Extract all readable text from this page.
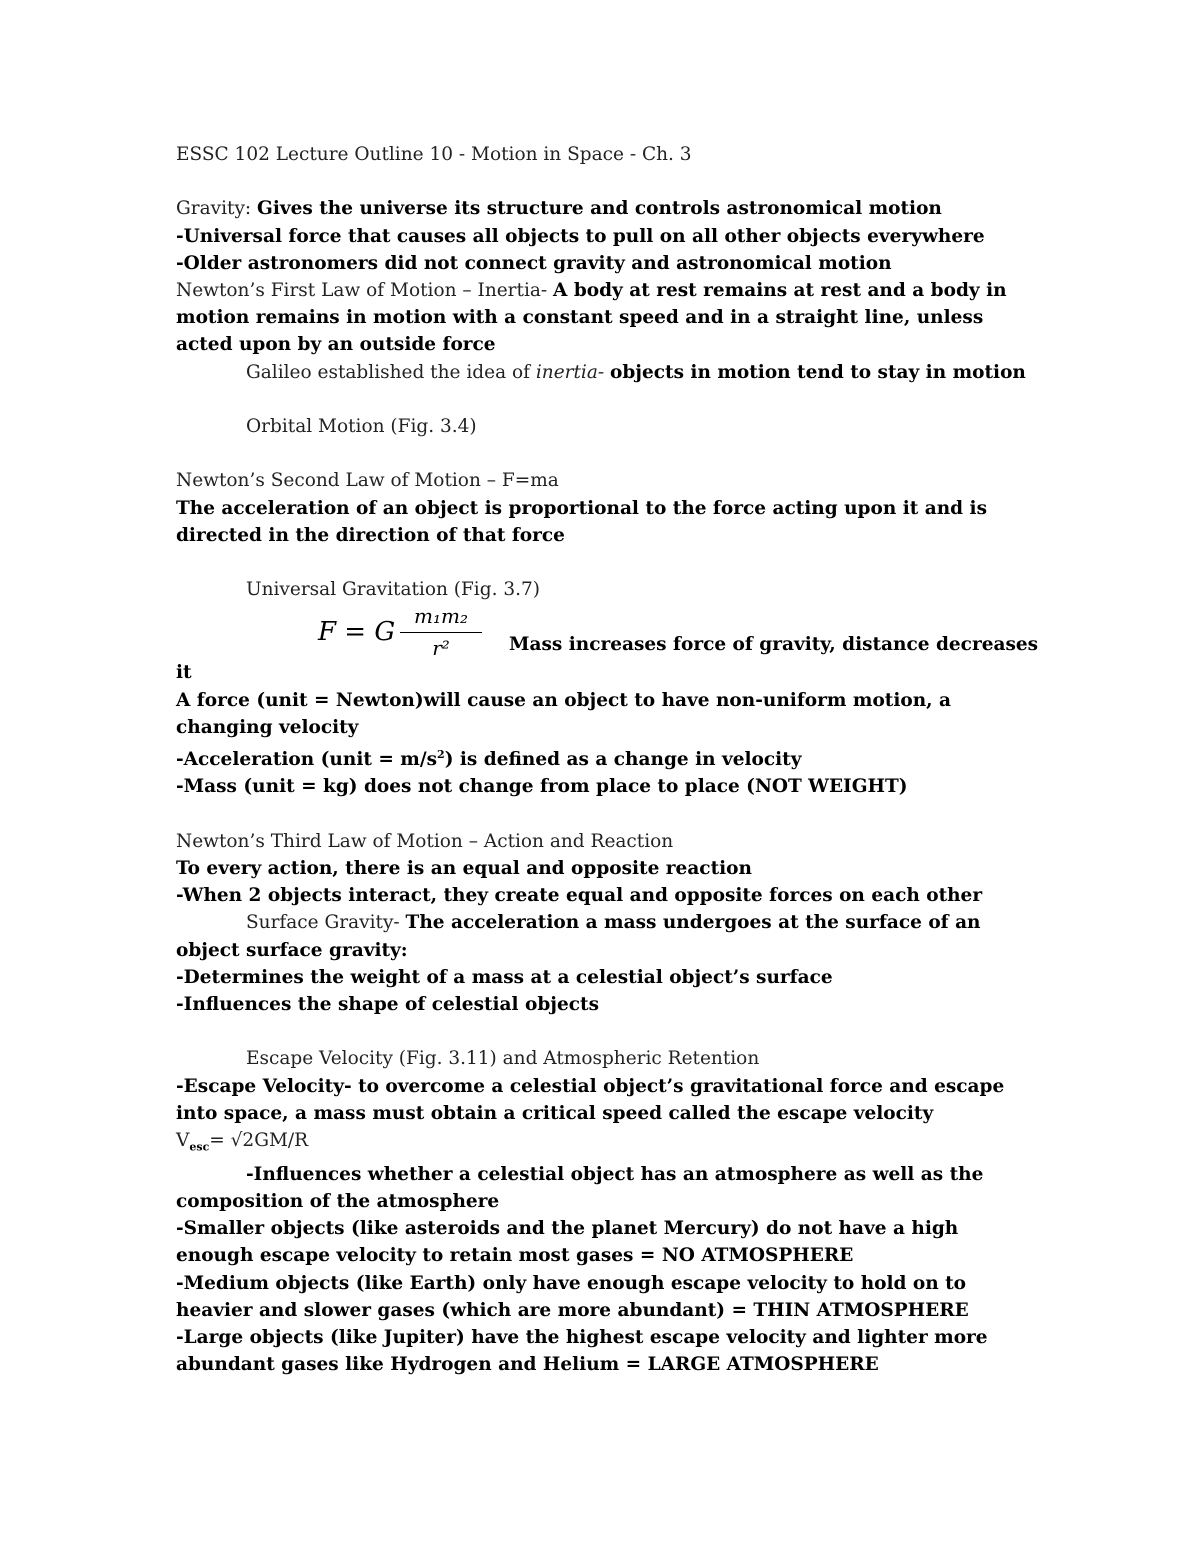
ESSC 102 Lecture Outline 10 - Motion in Space - Ch. 3
Gravity: Gives the universe its structure and controls astronomical motion
-Universal force that causes all objects to pull on all other objects everywhere
-Older astronomers did not connect gravity and astronomical motion
Newton’s First Law of Motion – Inertia- A body at rest remains at rest and a body in motion remains in motion with a constant speed and in a straight line, unless acted upon by an outside force
Galileo established the idea of inertia- objects in motion tend to stay in motion
Orbital Motion (Fig. 3.4)
Newton’s Second Law of Motion – F=ma
The acceleration of an object is proportional to the force acting upon it and is directed in the direction of that force
Universal Gravitation (Fig. 3.7)
F = G $\frac{\text{m₁m₂}}{\text{r²}}$ Mass increases force of gravity, distance decreases
it
A force (unit = Newton)will cause an object to have non-uniform motion, a changing velocity
-Acceleration (unit = $m/s^2$) is defined as a change in velocity
-Mass (unit = kg) does not change from place to place (NOT WEIGHT)
Newton’s Third Law of Motion – Action and Reaction
To every action, there is an equal and opposite reaction
-When 2 objects interact, they create equal and opposite forces on each other
Surface Gravity- The acceleration a mass undergoes at the surface of an
object surface gravity:
-Determines the weight of a mass at a celestial object’s surface
-Influences the shape of celestial objects
Escape Velocity (Fig. 3.11) and Atmospheric Retention
-Escape Velocity- to overcome a celestial object’s gravitational force and escape into space, a mass must obtain a critical speed called the escape velocity
$V_{esc}= √2GM/R$
-Influences whether a celestial object has an atmosphere as well as the
composition of the atmosphere
-Smaller objects (like asteroids and the planet Mercury) do not have a high enough escape velocity to retain most gases = NO ATMOSPHERE
-Medium objects (like Earth) only have enough escape velocity to hold on to heavier and slower gases (which are more abundant) = THIN ATMOSPHERE
-Large objects (like Jupiter) have the highest escape velocity and lighter more abundant gases like Hydrogen and Helium = LARGE ATMOSPHERE
